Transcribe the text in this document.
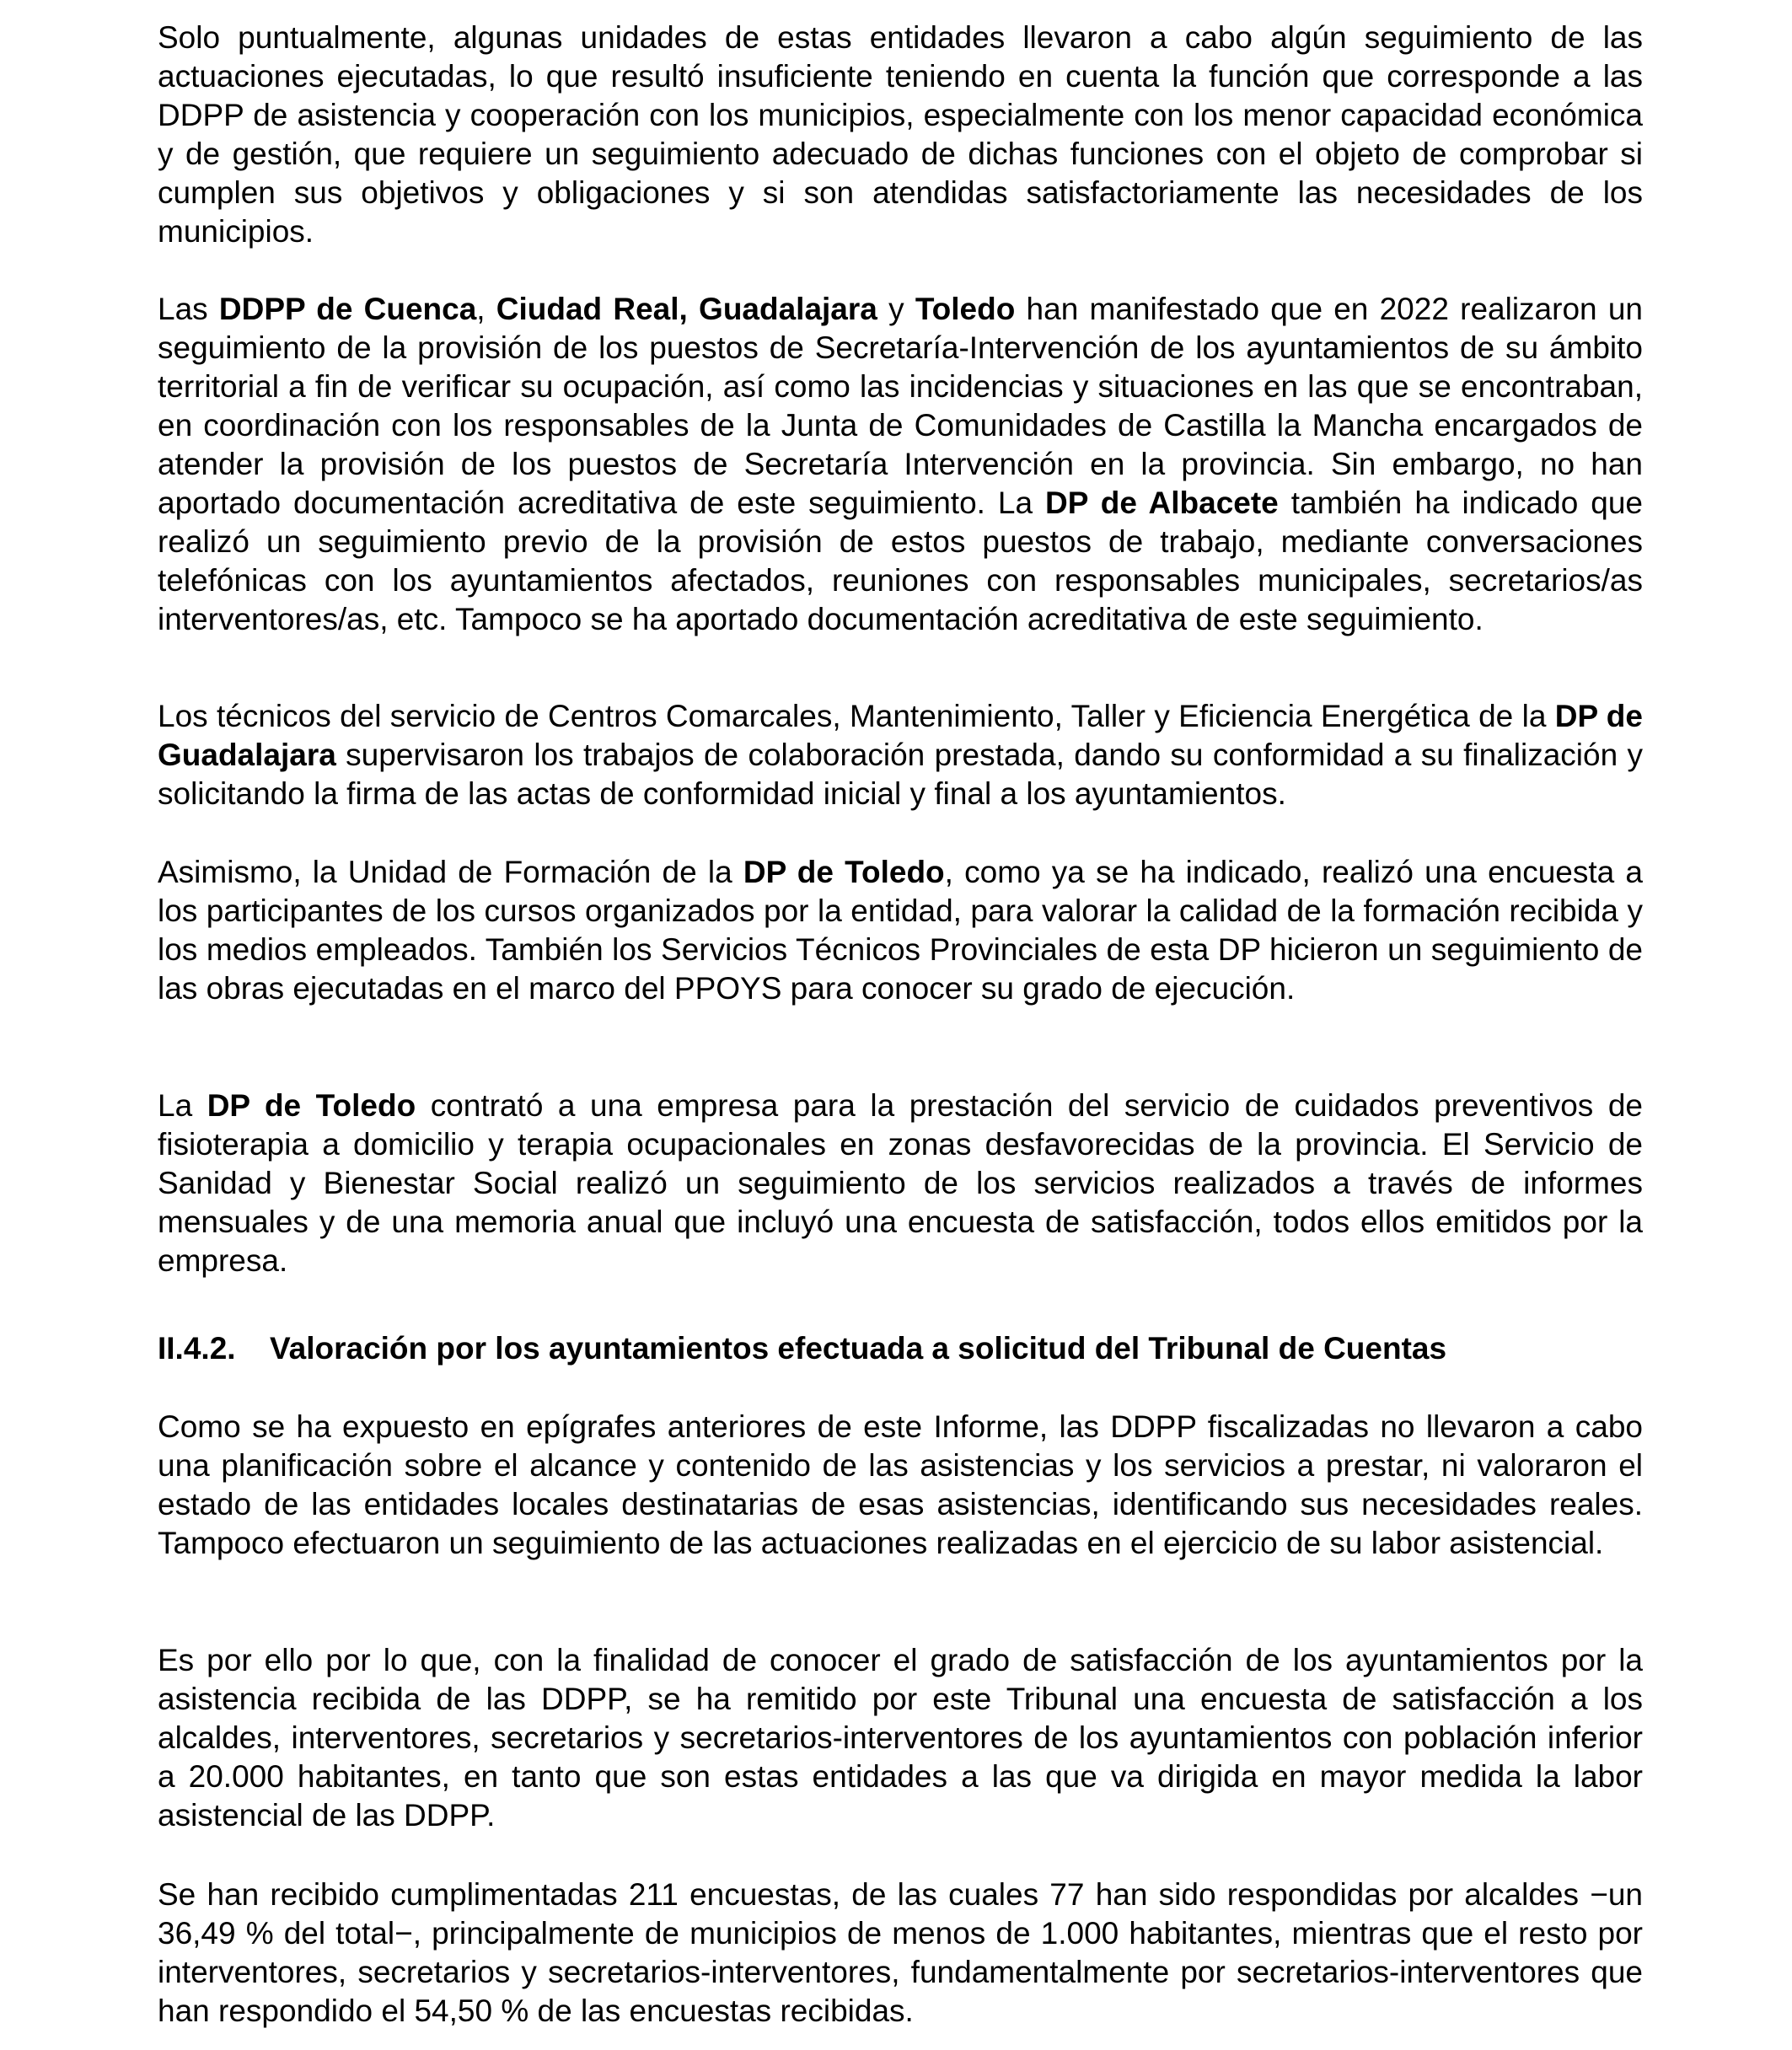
Solo puntualmente, algunas unidades de estas entidades llevaron a cabo algún seguimiento de las actuaciones ejecutadas, lo que resultó insuficiente teniendo en cuenta la función que corresponde a las DDPP de asistencia y cooperación con los municipios, especialmente con los menor capacidad económica y de gestión, que requiere un seguimiento adecuado de dichas funciones con el objeto de comprobar si cumplen sus objetivos y obligaciones y si son atendidas satisfactoriamente las necesidades de los municipios.

Las DDPP de Cuenca, Ciudad Real, Guadalajara y Toledo han manifestado que en 2022 realizaron un seguimiento de la provisión de los puestos de Secretaría-Intervención de los ayuntamientos de su ámbito territorial a fin de verificar su ocupación, así como las incidencias y situaciones en las que se encontraban, en coordinación con los responsables de la Junta de Comunidades de Castilla la Mancha encargados de atender la provisión de los puestos de Secretaría Intervención en la provincia. Sin embargo, no han aportado documentación acreditativa de este seguimiento. La DP de Albacete también ha indicado que realizó un seguimiento previo de la provisión de estos puestos de trabajo, mediante conversaciones telefónicas con los ayuntamientos afectados, reuniones con responsables municipales, secretarios/as interventores/as, etc. Tampoco se ha aportado documentación acreditativa de este seguimiento.

Los técnicos del servicio de Centros Comarcales, Mantenimiento, Taller y Eficiencia Energética de la DP de Guadalajara supervisaron los trabajos de colaboración prestada, dando su conformidad a su finalización y solicitando la firma de las actas de conformidad inicial y final a los ayuntamientos.

Asimismo, la Unidad de Formación de la DP de Toledo, como ya se ha indicado, realizó una encuesta a los participantes de los cursos organizados por la entidad, para valorar la calidad de la formación recibida y los medios empleados. También los Servicios Técnicos Provinciales de esta DP hicieron un seguimiento de las obras ejecutadas en el marco del PPOYS para conocer su grado de ejecución.

La DP de Toledo contrató a una empresa para la prestación del servicio de cuidados preventivos de fisioterapia a domicilio y terapia ocupacionales en zonas desfavorecidas de la provincia. El Servicio de Sanidad y Bienestar Social realizó un seguimiento de los servicios realizados a través de informes mensuales y de una memoria anual que incluyó una encuesta de satisfacción, todos ellos emitidos por la empresa.

II.4.2. Valoración por los ayuntamientos efectuada a solicitud del Tribunal de Cuentas

Como se ha expuesto en epígrafes anteriores de este Informe, las DDPP fiscalizadas no llevaron a cabo una planificación sobre el alcance y contenido de las asistencias y los servicios a prestar, ni valoraron el estado de las entidades locales destinatarias de esas asistencias, identificando sus necesidades reales. Tampoco efectuaron un seguimiento de las actuaciones realizadas en el ejercicio de su labor asistencial.

Es por ello por lo que, con la finalidad de conocer el grado de satisfacción de los ayuntamientos por la asistencia recibida de las DDPP, se ha remitido por este Tribunal una encuesta de satisfacción a los alcaldes, interventores, secretarios y secretarios-interventores de los ayuntamientos con población inferior a 20.000 habitantes, en tanto que son estas entidades a las que va dirigida en mayor medida la labor asistencial de las DDPP.

Se han recibido cumplimentadas 211 encuestas, de las cuales 77 han sido respondidas por alcaldes −un 36,49 % del total−, principalmente de municipios de menos de 1.000 habitantes, mientras que el resto por interventores, secretarios y secretarios-interventores, fundamentalmente por secretarios-interventores que han respondido el 54,50 % de las encuestas recibidas.
